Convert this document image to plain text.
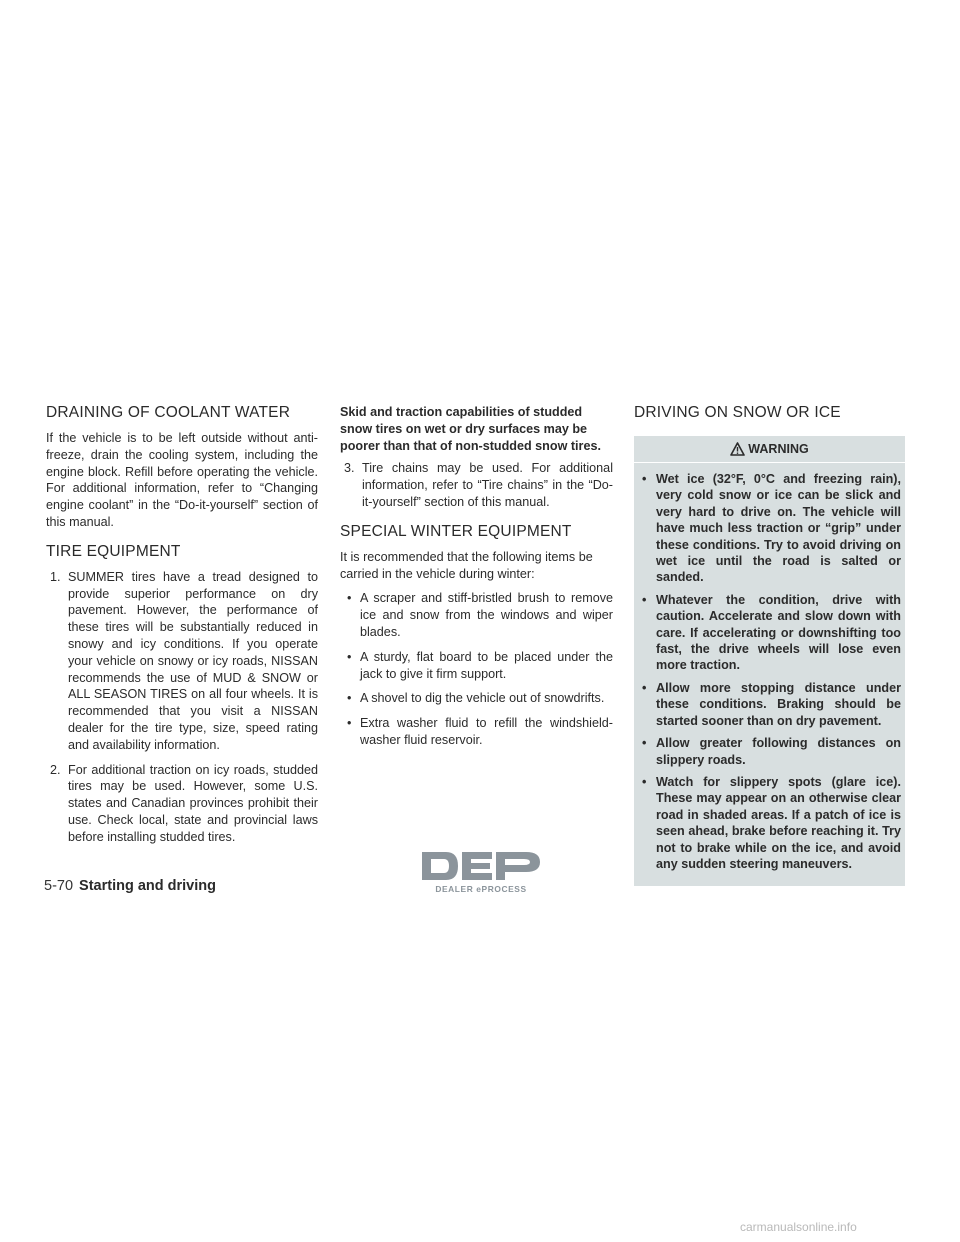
DRAINING OF COOLANT WATER

If the vehicle is to be left outside without anti-freeze, drain the cooling system, including the engine block. Refill before operating the vehicle. For additional information, refer to “Changing engine coolant” in the “Do-it-yourself” section of this manual.

TIRE EQUIPMENT
1. SUMMER tires have a tread designed to provide superior performance on dry pavement. However, the performance of these tires will be substantially reduced in snowy and icy conditions. If you operate your vehicle on snowy or icy roads, NISSAN recommends the use of MUD & SNOW or ALL SEASON TIRES on all four wheels. It is recommended that you visit a NISSAN dealer for the tire type, size, speed rating and availability information.
2. For additional traction on icy roads, studded tires may be used. However, some U.S. states and Canadian provinces prohibit their use. Check local, state and provincial laws before installing studded tires.

Skid and traction capabilities of studded snow tires on wet or dry surfaces may be poorer than that of non-studded snow tires.

3. Tire chains may be used. For additional information, refer to “Tire chains” in the “Do-it-yourself” section of this manual.
SPECIAL WINTER EQUIPMENT

It is recommended that the following items be carried in the vehicle during winter:

• A scraper and stiff-bristled brush to remove ice and snow from the windows and wiper blades.
• A sturdy, flat board to be placed under the jack to give it firm support.
• A shovel to dig the vehicle out of snowdrifts.
• Extra washer fluid to refill the windshield-washer fluid reservoir.
DRIVING ON SNOW OR ICE
WARNING
• Wet ice (32°F, 0°C and freezing rain), very cold snow or ice can be slick and very hard to drive on. The vehicle will have much less traction or “grip” under these conditions. Try to avoid driving on wet ice until the road is salted or sanded.
• Whatever the condition, drive with caution. Accelerate and slow down with care. If accelerating or downshifting too fast, the drive wheels will lose even more traction.
• Allow more stopping distance under these conditions. Braking should be started sooner than on dry pavement.
• Allow greater following distances on slippery roads.
• Watch for slippery spots (glare ice). These may appear on an otherwise clear road in shaded areas. If a patch of ice is seen ahead, brake before reaching it. Try not to brake while on the ice, and avoid any sudden steering maneuvers.
5-70 Starting and driving	DEALER ePROCESS
carmanualsonline.info
